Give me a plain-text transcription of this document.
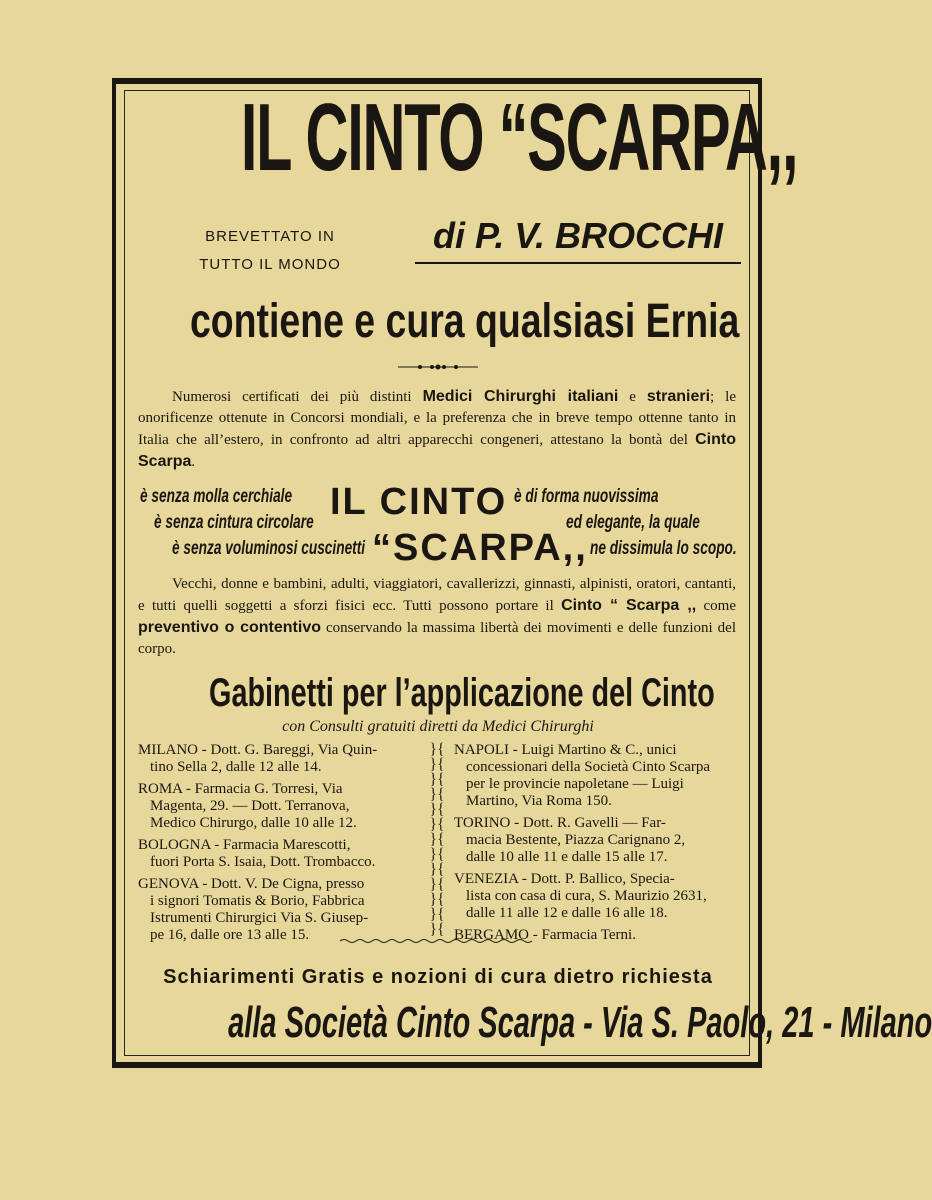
IL CINTO “SCARPA,,
BREVETTATO IN
TUTTO IL MONDO
di P. V. BROCCHI
contiene e cura qualsiasi Ernia
Numerosi certificati dei più distinti Medici Chirurghi italiani e stranieri; le onorificenze ottenute in Concorsi mondiali, e la preferenza che in breve tempo ottenne tanto in Italia che all’estero, in confronto ad altri apparecchi congeneri, attestano la bontà del Cinto Scarpa.
è senza molla cerchiale
è senza cintura circolare
è senza voluminosi cuscinetti
IL CINTO
“SCARPA,,
è di forma nuovissima
ed elegante, la quale
ne dissimula lo scopo.
Vecchi, donne e bambini, adulti, viaggiatori, cavallerizzi, ginnasti, alpinisti, oratori, cantanti, e tutti quelli soggetti a sforzi fisici ecc. Tutti possono portare il Cinto “ Scarpa ,, come preventivo o contentivo conservando la massima libertà dei movimenti e delle funzioni del corpo.
Gabinetti per l’applicazione del Cinto
con Consulti gratuiti diretti da Medici Chirurghi
MILANO - Dott. G. Bareggi, Via Quin-
tino Sella 2, dalle 12 alle 14.
ROMA - Farmacia G. Torresi, Via
Magenta, 29. — Dott. Terranova,
Medico Chirurgo, dalle 10 alle 12.
BOLOGNA - Farmacia Marescotti,
fuori Porta S. Isaia, Dott. Trombacco.
GENOVA - Dott. V. De Cigna, presso
i signori Tomatis & Borio, Fabbrica
Istrumenti Chirurgici Via S. Giusep-
pe 16, dalle ore 13 alle 15.
}{
}{
}{
}{
}{
}{
}{
}{
}{
}{
}{
}{
}{
NAPOLI - Luigi Martino & C., unici
concessionari della Società Cinto Scarpa
per le provincie napoletane — Luigi
Martino, Via Roma 150.
TORINO - Dott. R. Gavelli — Far-
macia Bestente, Piazza Carignano 2,
dalle 10 alle 11 e dalle 15 alle 17.
VENEZIA - Dott. P. Ballico, Specia-
lista con casa di cura, S. Maurizio 2631,
dalle 11 alle 12 e dalle 16 alle 18.
BERGAMO - Farmacia Terni.
Schiarimenti Gratis e nozioni di cura dietro richiesta
alla Società Cinto Scarpa - Via S. Paolo, 21 - Milano
